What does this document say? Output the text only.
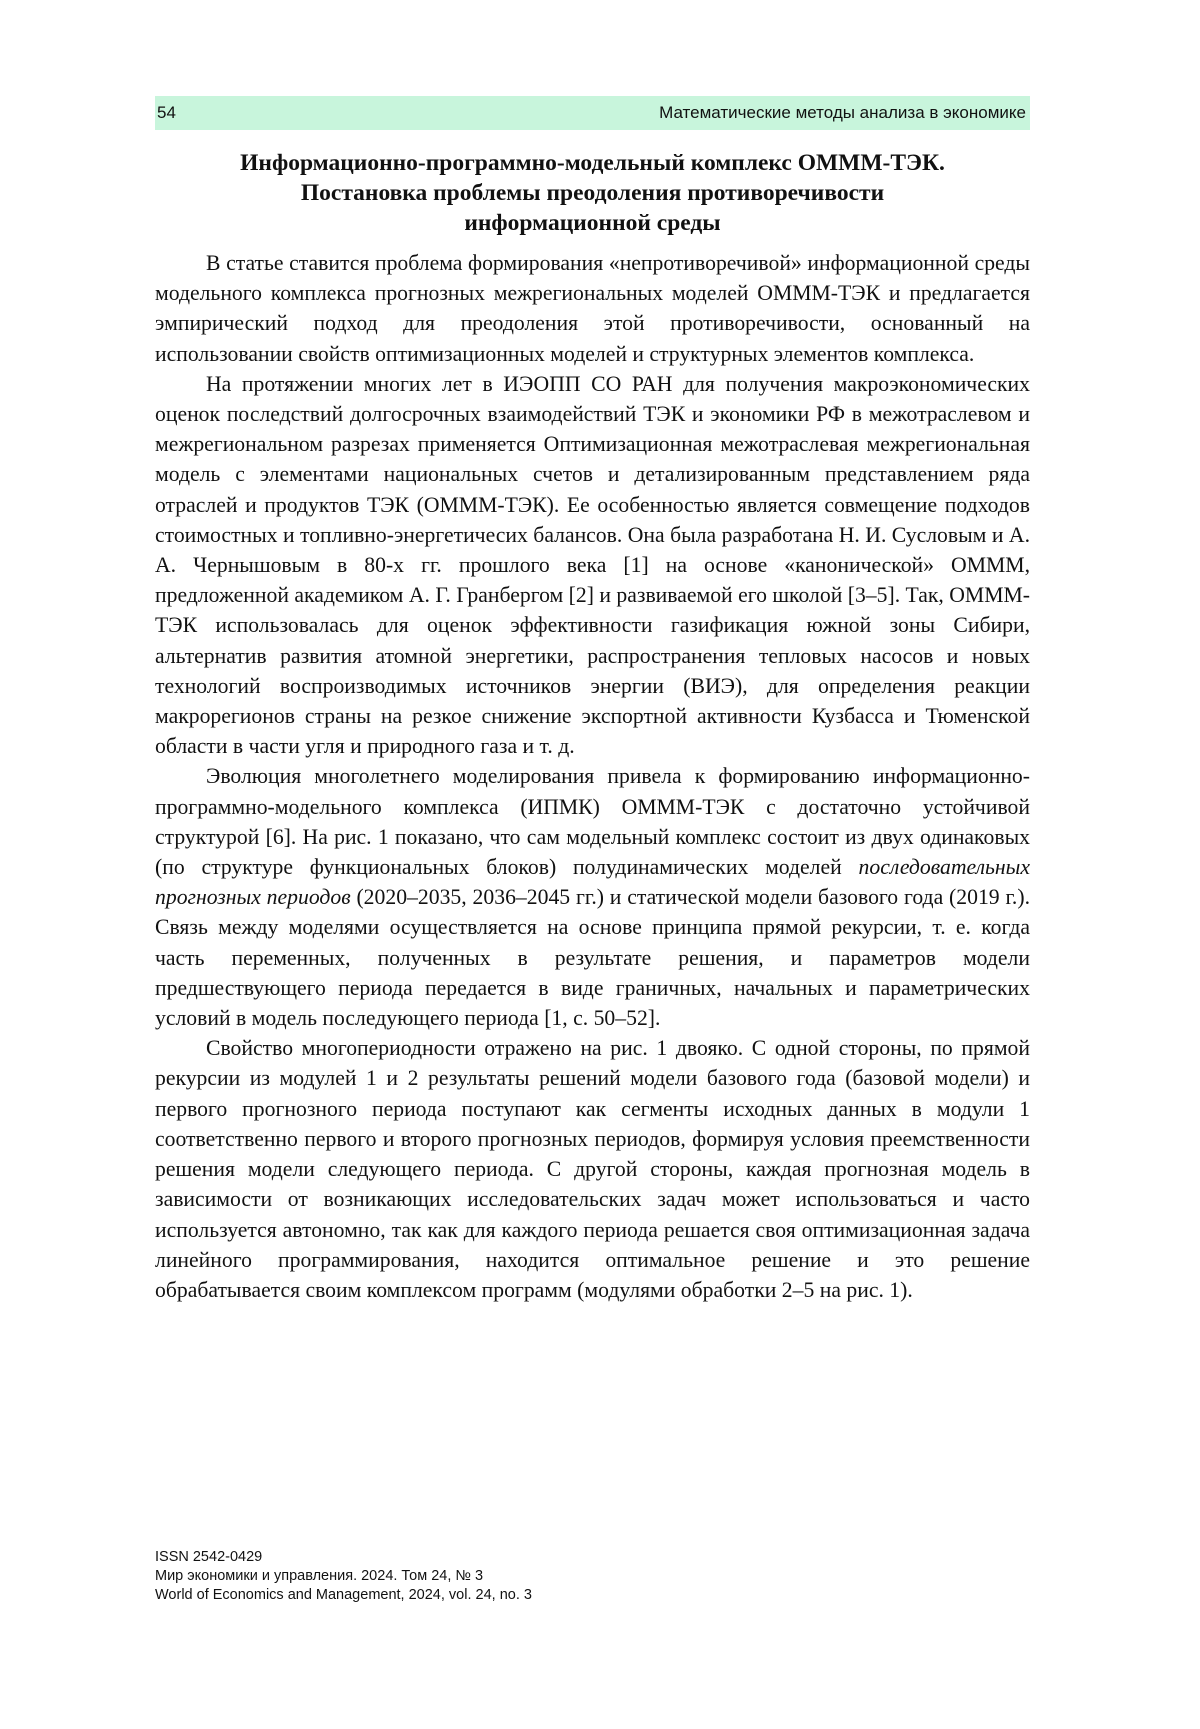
54	Математические методы анализа в экономике
Информационно-программно-модельный комплекс ОМММ-ТЭК.
Постановка проблемы преодоления противоречивости
информационной среды

В статье ставится проблема формирования «непротиворечивой» информационной среды модельного комплекса прогнозных межрегиональных моделей ОМММ-ТЭК и предлагается эмпирический подход для преодоления этой противоречивости, основанный на использовании свойств оптимизационных моделей и структурных элементов комплекса.

На протяжении многих лет в ИЭОПП СО РАН для получения макроэкономических оценок последствий долгосрочных взаимодействий ТЭК и экономики РФ в межотраслевом и межрегиональном разрезах применяется Оптимизационная межотраслевая межрегиональная модель с элементами национальных счетов и детализированным представлением ряда отраслей и продуктов ТЭК (ОМММ-ТЭК). Ее особенностью является совмещение подходов стоимостных и топливно-энергетичесих балансов. Она была разработана Н. И. Сусловым и А. А. Чернышовым в 80-х гг. прошлого века [1] на основе «канонической» ОМММ, предложенной академиком А. Г. Гранбергом [2] и развиваемой его школой [3–5]. Так, ОМММ-ТЭК использовалась для оценок эффективности газификация южной зоны Сибири, альтернатив развития атомной энергетики, распространения тепловых насосов и новых технологий воспроизводимых источников энергии (ВИЭ), для определения реакции макрорегионов страны на резкое снижение экспортной активности Кузбасса и Тюменской области в части угля и природного газа и т. д.

Эволюция многолетнего моделирования привела к формированию информационно-программно-модельного комплекса (ИПМК) ОМММ-ТЭК с достаточно устойчивой структурой [6]. На рис. 1 показано, что сам модельный комплекс состоит из двух одинаковых (по структуре функциональных блоков) полудинамических моделей последовательных прогнозных периодов (2020–2035, 2036–2045 гг.) и статической модели базового года (2019 г.). Связь между моделями осуществляется на основе принципа прямой рекурсии, т. е. когда часть переменных, полученных в результате решения, и параметров модели предшествующего периода передается в виде граничных, начальных и параметрических условий в модель последующего периода [1, с. 50–52].

Свойство многопериодности отражено на рис. 1 двояко. С одной стороны, по прямой рекурсии из модулей 1 и 2 результаты решений модели базового года (базовой модели) и первого прогнозного периода поступают как сегменты исходных данных в модули 1 соответственно первого и второго прогнозных периодов, формируя условия преемственности решения модели следующего периода. С другой стороны, каждая прогнозная модель в зависимости от возникающих исследовательских задач может использоваться и часто используется автономно, так как для каждого периода решается своя оптимизационная задача линейного программирования, находится оптимальное решение и это решение обрабатывается своим комплексом программ (модулями обработки 2–5 на рис. 1).

ISSN 2542-0429
Мир экономики и управления. 2024. Том 24, № 3
World of Economics and Management, 2024, vol. 24, no. 3
